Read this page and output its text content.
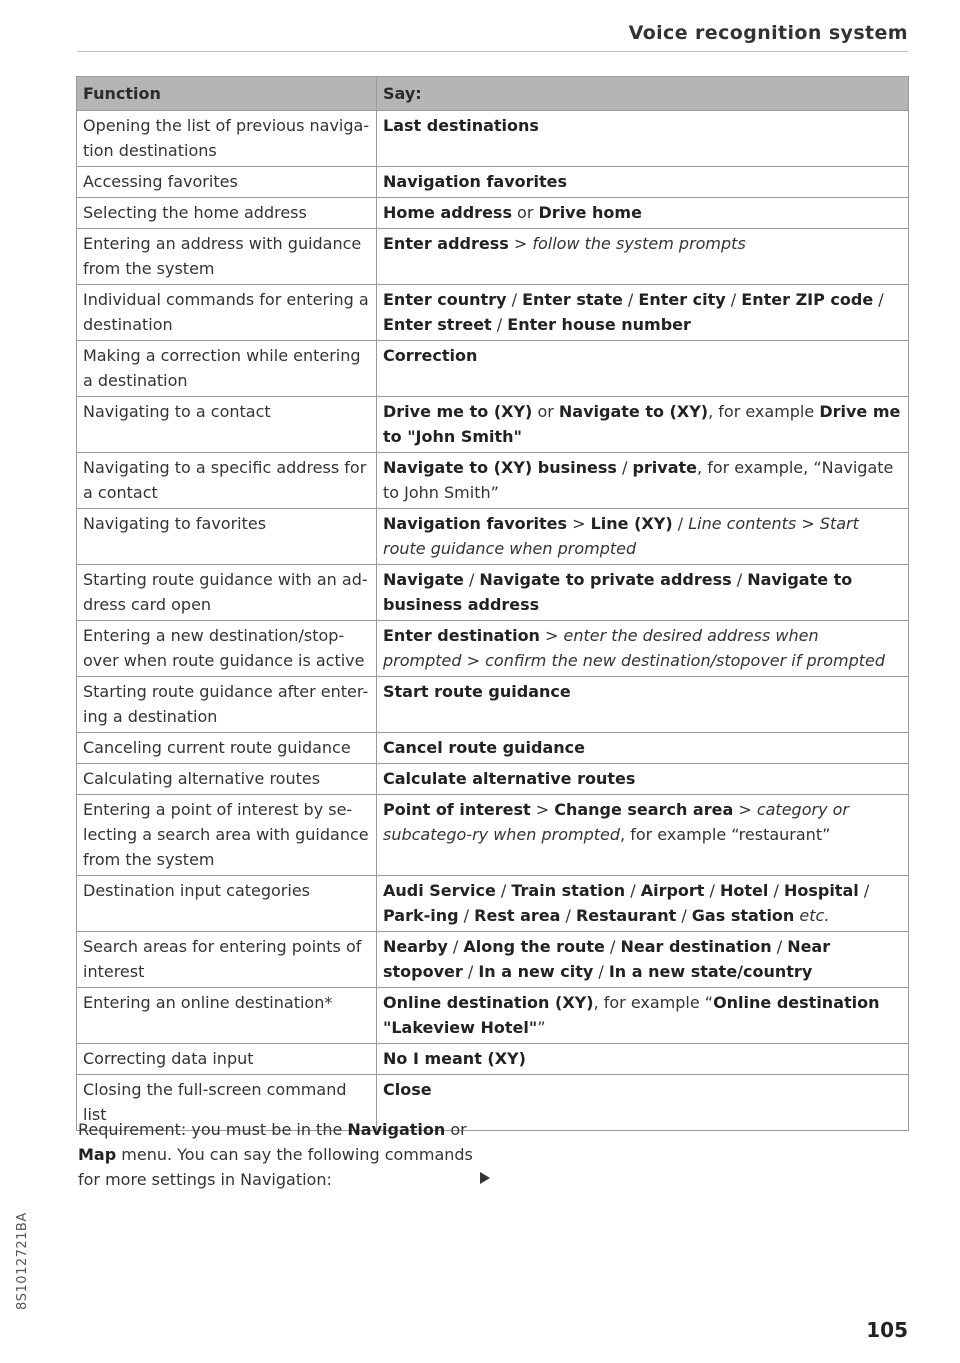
Voice recognition system
Function	Say:
Opening the list of previous naviga-tion destinations	Last destinations
Accessing favorites	Navigation favorites
Selecting the home address	Home address or Drive home
Entering an address with guidance from the system	Enter address > follow the system prompts
Individual commands for entering a destination	Enter country / Enter state / Enter city / Enter ZIP code / Enter street / Enter house number
Making a correction while entering a destination	Correction
Navigating to a contact	Drive me to (XY) or Navigate to (XY), for example Drive me to "John Smith"
Navigating to a specific address for a contact	Navigate to (XY) business / private, for example, “Navigate to John Smith”
Navigating to favorites	Navigation favorites > Line (XY) / Line contents > Start route guidance when prompted
Starting route guidance with an ad-dress card open	Navigate / Navigate to private address / Navigate to business address
Entering a new destination/stop-over when route guidance is active	Enter destination > enter the desired address when prompted > confirm the new destination/stopover if prompted
Starting route guidance after enter-ing a destination	Start route guidance
Canceling current route guidance	Cancel route guidance
Calculating alternative routes	Calculate alternative routes
Entering a point of interest by se-lecting a search area with guidance from the system	Point of interest > Change search area > category or subcatego-ry when prompted, for example “restaurant”
Destination input categories	Audi Service / Train station / Airport / Hotel / Hospital / Park-ing / Rest area / Restaurant / Gas station etc.
Search areas for entering points of interest	Nearby / Along the route / Near destination / Near stopover / In a new city / In a new state/country
Entering an online destination*	Online destination (XY), for example “Online destination "Lakeview Hotel"”
Correcting data input	No I meant (XY)
Closing the full-screen command list	Close
Requirement: you must be in the Navigation or Map menu. You can say the following commands for more settings in Navigation:
8S1012721BA
105
